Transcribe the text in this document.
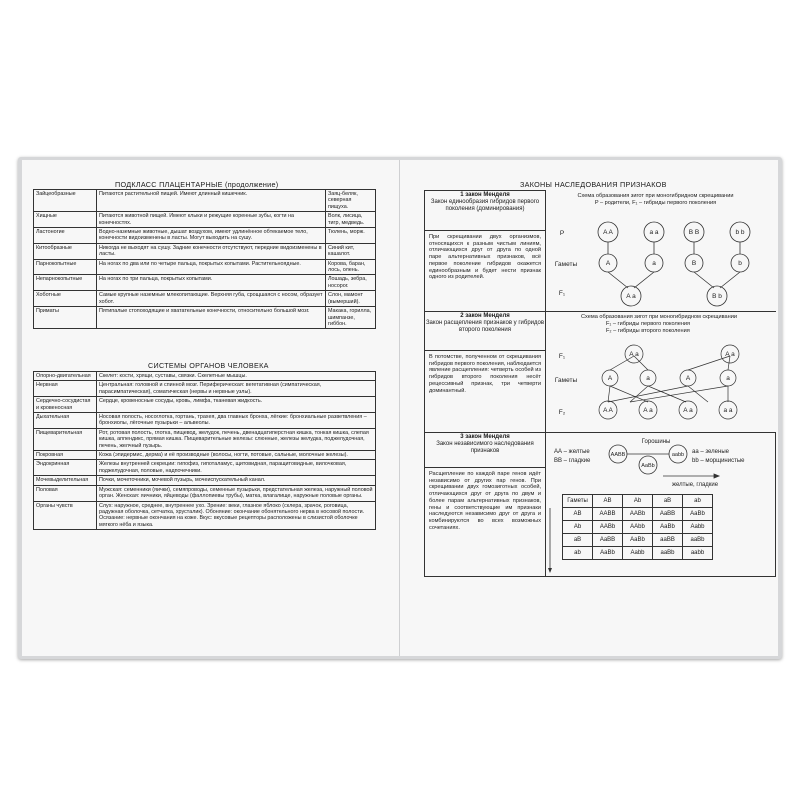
ПОДКЛАСС ПЛАЦЕНТАРНЫЕ (продолжение)
Зайцеобразные	Питаются растительной пищей. Имеют длинный кишечник.	Заяц-беляк, северная пищуха.
Хищные	Питаются животной пищей. Имеют клыки и режущие коренные зубы, когти на конечностях.	Волк, лисица, тигр, медведь.
Ластоногие	Водно-наземные животные, дышат воздухом, имеют удлинённое обтекаемое тело, конечности видоизменены в ласты. Могут выходить на сушу.	Тюлень, морж.
Китообразные	Никогда не выходят на сушу. Задние конечности отсутствуют, передние видоизменены в ласты.	Синий кит, кашалот.
Парнокопытные	На ногах по два или по четыре пальца, покрытых копытами. Растительноядные.	Корова, баран, лось, олень.
Непарнокопытные	На ногах по три пальца, покрытых копытами.	Лошадь, зебра, носорог.
Хоботные	Самые крупные наземные млекопитающие. Верхняя губа, срощшаяся с носом, образует хобот.	Слон, мамонт (вымерший).
Приматы	Пятипалые стопоходящие и хватательные конечности, относительно большой мозг.	Макака, горилла, шимпанзе, гиббон.
СИСТЕМЫ ОРГАНОВ ЧЕЛОВЕКА
Опорно-двигательная	Скелет: кости, хрящи, суставы, связки. Скелетные мышцы.
Нервная	Центральная: головной и спинной мозг. Периферическая: вегетативная (симпатическая, парасимпатическая), соматическая (нервы и нервные узлы).
Сердечно-сосудистая и кровеносная	Сердце, кровеносные сосуды, кровь, лимфа, тканевая жидкость.
Дыхательная	Носовая полость, носоглотка, гортань, трахея, два главных бронха, лёгкие: бронхиальные разветвления – бронхиолы, лёгочные пузырьки – альвеолы.
Пищеварительная	Рот, ротовая полость, глотка, пищевод, желудок, печень, двенадцатиперстная кишка, тонкая кишка, слепая кишка, аппендикс, прямая кишка. Пищеварительные железы: слюнные, железы желудка, поджелудочная, печень, желчный пузырь.
Покровная	Кожа (эпидермис, дерма) и её производные (волосы, ногти, потовые, сальные, молочные железы).
Эндокринная	Железы внутренней секреции: гипофиз, гипоталамус, щитовидная, паращитовидные, вилочковая, поджелудочная, половые, надпочечники.
Мочевыделительная	Почки, мочеточники, мочевой пузырь, мочеиспускательный канал.
Половая	Мужская: семенники (яички), семяпроводы, семенные пузырьки, предстательная железа, наружный половой орган. Женская: яичники, яйцеводы (фаллопиевы трубы), матка, влагалище, наружные половые органы.
Органы чувств	Слух: наружное, среднее, внутреннее ухо. Зрение: веки, глазное яблоко (склера, зрачок, роговица, радужная оболочка, сетчатка, хрусталик). Обоняние: окончание обонятельного нерва в носовой полости. Осязание: нервные окончания на коже. Вкус: вкусовые рецепторы расположены в слизистой оболочке мягкого нёба и языка.
ЗАКОНЫ НАСЛЕДОВАНИЯ ПРИЗНАКОВ
1 закон Менделя
Закон единообразия гибридов первого поколения (доминирования)
При скрещивании двух организмов, относящихся к разным чистым линиям, отличающихся друг от друга по одной паре альтернативных признаков, всё первое поколение гибридов окажется единообразным и будет нести признак одного из родителей.
Схема образования зигот при моногибридном скрещивании
P – родители, F₁ – гибриды первого поколения
P
Гаметы
F₁
A A	a a	B B	b b
A	a	B	b
A a	B b
2 закон Менделя
Закон расщепления признаков у гибридов второго поколения
В потомстве, полученном от скрещивания гибридов первого поколения, наблюдается явление расщепления: четверть особей из гибридов второго поколения несёт рецессивный признак, три четверти доминантный.
Схема образования зигот при моногибридном скрещивании
F₁ – гибриды первого поколения
F₂ – гибриды второго поколения
F₁
Гаметы
F₂
A a	A a
A	a	A	a
A A	A a	A a	a a
3 закон Менделя
Закон независимого наследования признаков
Расщепление по каждой паре генов идёт независимо от других пар генов. При скрещивании двух гомозиготных особей, отличающихся друг от друга по двум и более парам альтернативных признаков, гены и соответствующие им признаки наследуются независимо друг от друга и комбинируются во всех возможных сочетаниях.
Горошины
АА – желтые
BB – гладкие
аа – зеленые
bb – морщинистые
AABB	aabb
AaBb
желтые, гладкие
Гаметы	AB	Ab	aB	ab
AB	AABB	AABb	AaBB	AaBb
Ab	AABb	AAbb	AaBb	Aabb
aB	AaBB	AaBb	aaBB	aaBb
ab	AaBb	Aabb	aaBb	aabb
